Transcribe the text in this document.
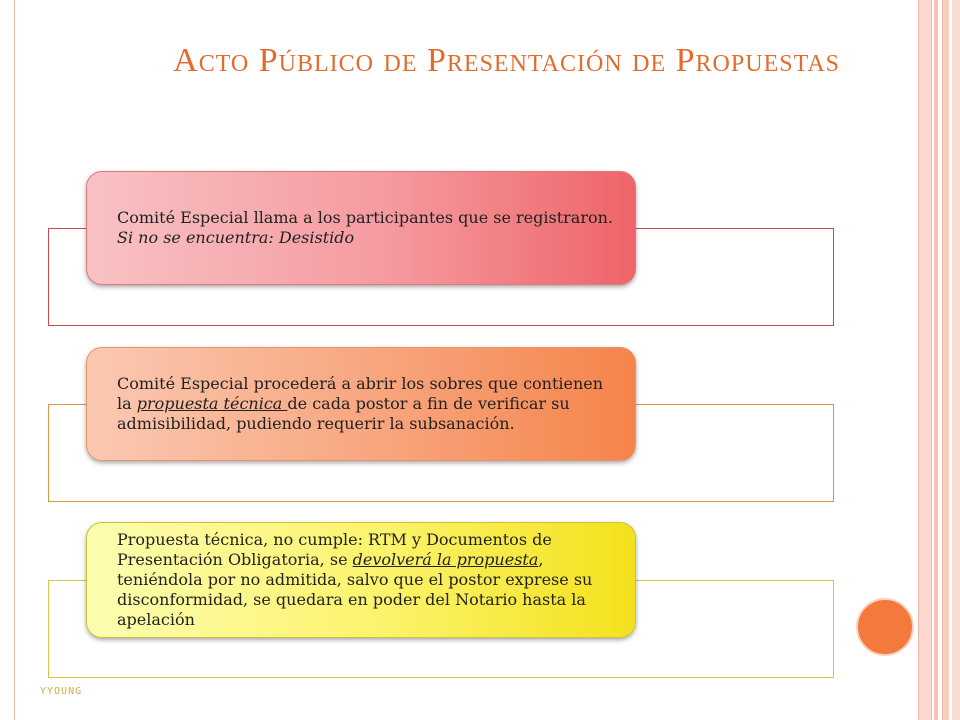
Acto Público de Presentación de Propuestas

Comité Especial llama a los participantes que se registraron. Si no se encuentra: Desistido

Comité Especial procederá a abrir los sobres que contienen la propuesta técnica de cada postor a fin de verificar su admisibilidad, pudiendo requerir la subsanación.

Propuesta técnica, no cumple: RTM y Documentos de Presentación Obligatoria, se devolverá la propuesta, teniéndola por no admitida, salvo que el postor exprese su disconformidad, se quedara en poder del Notario hasta la apelación

YYOUNG
